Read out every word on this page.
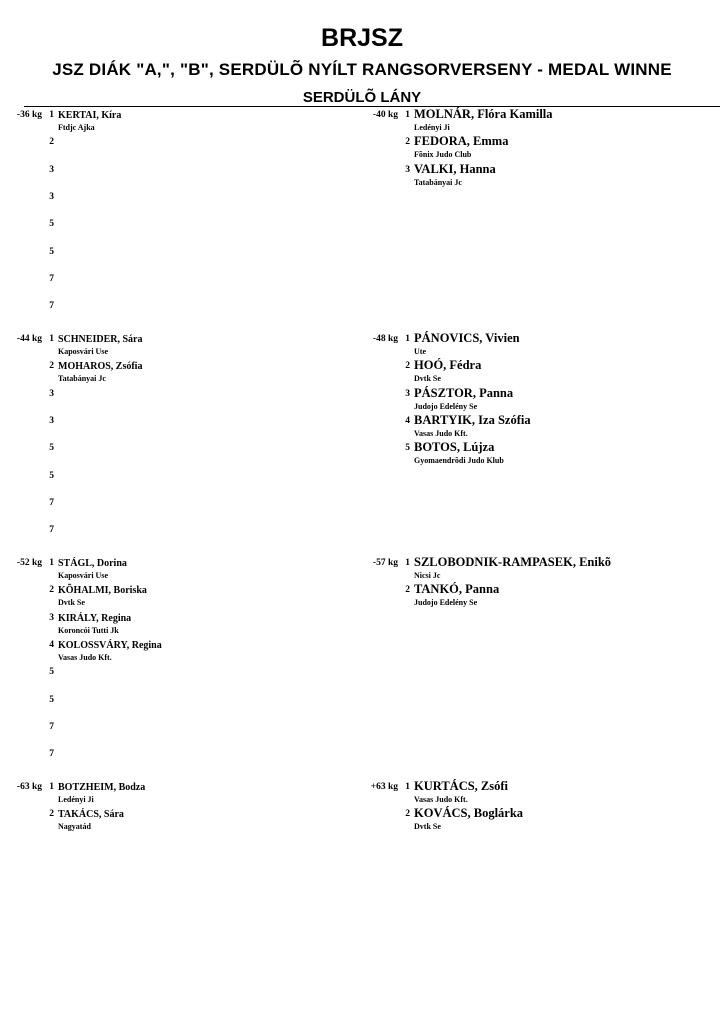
BRJSZ
JSZ DIÁK "A,", "B", SERDÜLÕ NYÍLT RANGSORVERSENY - MEDAL WINNE
SERDÜLÕ LÁNY
-36 kg 1 KERTAI, Kíra
Ftdjc Ajka
2
3
3
5
5
7
7
-40 kg 1 MOLNÁR, Flóra Kamilla
Ledényi Ji
2 FEDORA, Emma
Fõnix Judo Club
3 VALKI, Hanna
Tatabányai Jc
-44 kg 1 SCHNEIDER, Sára
Kaposvári Use
2 MOHAROS, Zsófia
Tatabányai Jc
3
3
5
5
7
7
-48 kg 1 PÁNOVICS, Vivien
Ute
2 HOÓ, Fédra
Dvtk Se
3 PÁSZTOR, Panna
Judojo Edelény Se
4 BARTYIK, Iza Szófia
Vasas Judo Kft.
5 BOTOS, Lújza
Gyomaendrõdi Judo Klub
-52 kg 1 STÁGL, Dorina
Kaposvári Use
2 KÕHALMI, Boriska
Dvtk Se
3 KIRÁLY, Regina
Koroncói Tutti Jk
4 KOLOSSVÁRY, Regina
Vasas Judo Kft.
5
5
7
7
-57 kg 1 SZLOBODNIK-RAMPASEK, Enikõ
Nicsi Jc
2 TANKÓ, Panna
Judojo Edelény Se
-63 kg 1 BOTZHEIM, Bodza
Ledényi Ji
2 TAKÁCS, Sára
Nagyatád
+63 kg 1 KURTÁCS, Zsófi
Vasas Judo Kft.
2 KOVÁCS, Boglárka
Dvtk Se
